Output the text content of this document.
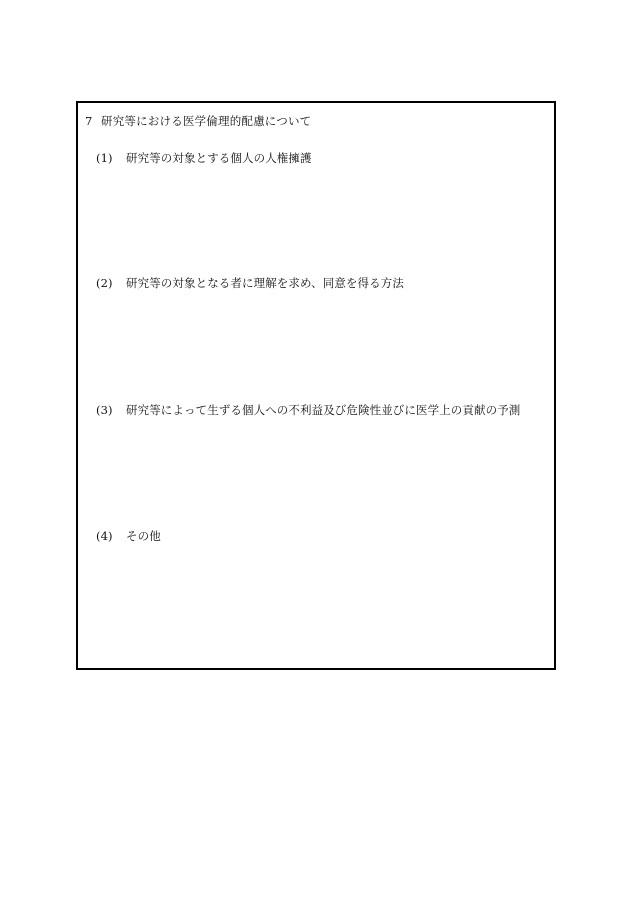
7 研究等における医学倫理的配慮について
(1) 研究等の対象とする個人の人権擁護
(2) 研究等の対象となる者に理解を求め、同意を得る方法
(3) 研究等によって生ずる個人への不利益及び危険性並びに医学上の貢献の予測
(4) その他
